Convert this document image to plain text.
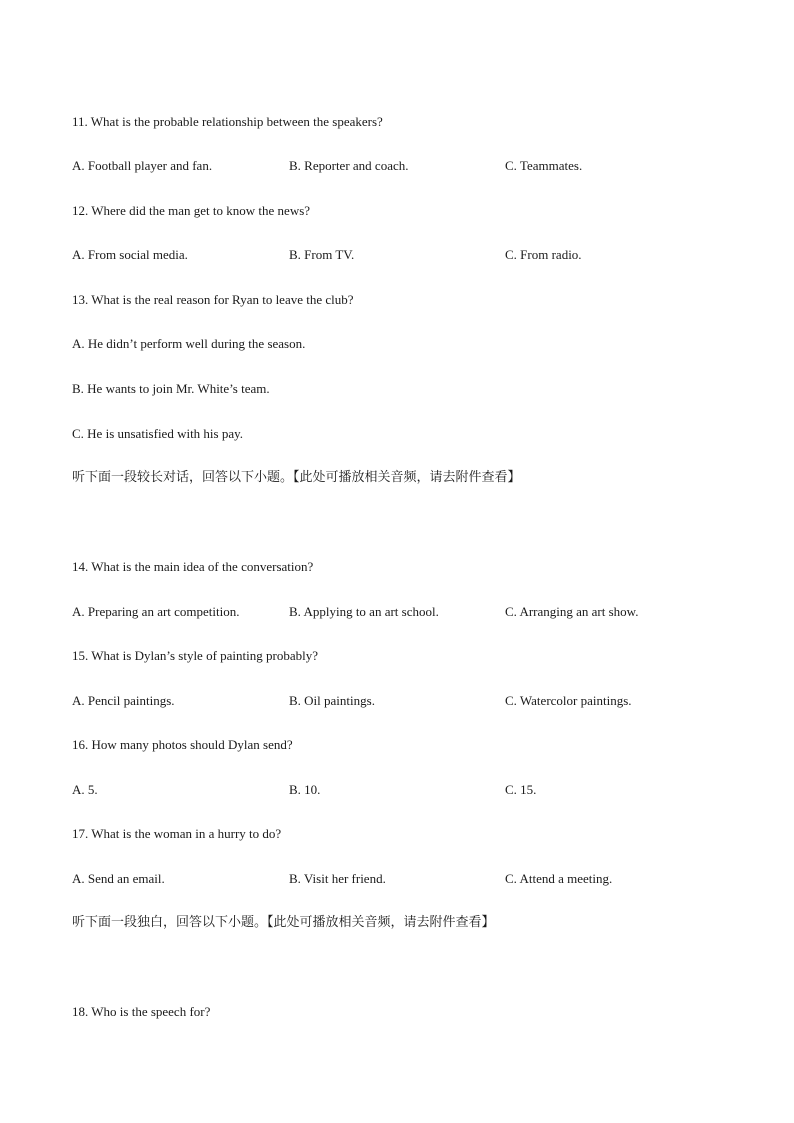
11. What is the probable relationship between the speakers?
A. Football player and fan.	B. Reporter and coach.	C. Teammates.
12. Where did the man get to know the news?
A. From social media.	B. From TV.	C. From radio.
13. What is the real reason for Ryan to leave the club?
A. He didn’t perform well during the season.
B. He wants to join Mr. White’s team.
C. He is unsatisfied with his pay.
听下面一段较长对话，回答以下小题。【此处可播放相关音频，请去附件查看】
14. What is the main idea of the conversation?
A. Preparing an art competition.	B. Applying to an art school.	C. Arranging an art show.
15. What is Dylan’s style of painting probably?
A. Pencil paintings.	B. Oil paintings.	C. Watercolor paintings.
16. How many photos should Dylan send?
A. 5.	B. 10.	C. 15.
17. What is the woman in a hurry to do?
A. Send an email.	B. Visit her friend.	C. Attend a meeting.
听下面一段独白，回答以下小题。【此处可播放相关音频，请去附件查看】
18. Who is the speech for?
